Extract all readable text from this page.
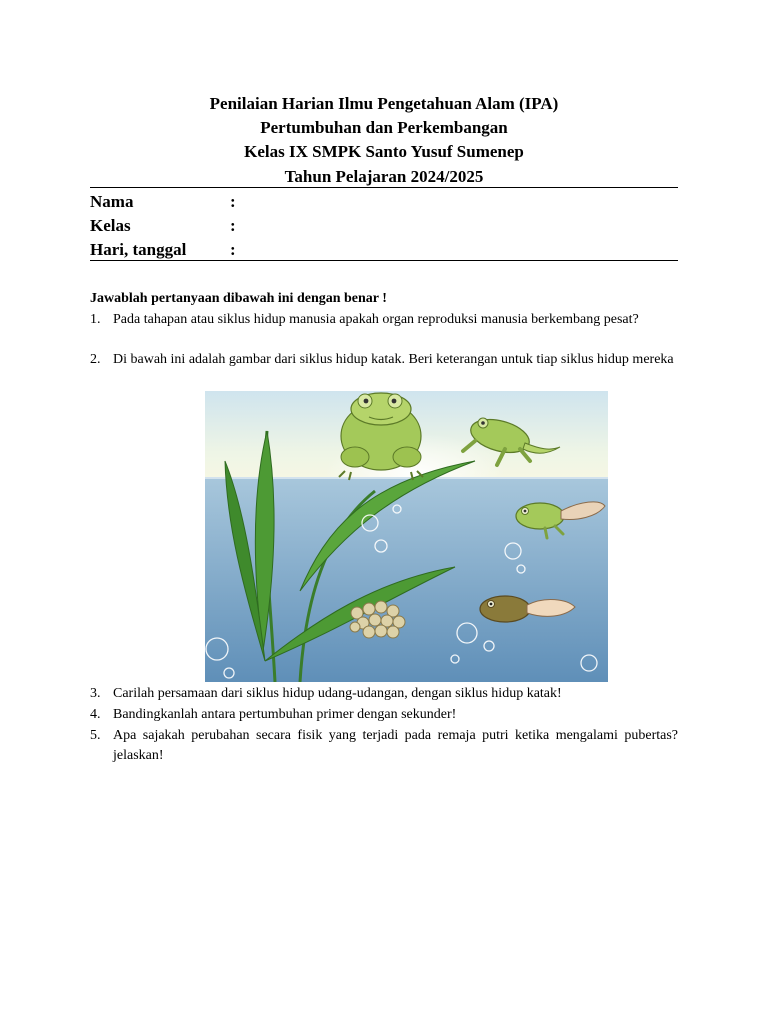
Penilaian Harian Ilmu Pengetahuan Alam (IPA)
Pertumbuhan dan Perkembangan
Kelas IX SMPK Santo Yusuf Sumenep
Tahun Pelajaran 2024/2025
Nama	:
Kelas	:
Hari, tanggal	:
Jawablah pertanyaan dibawah ini dengan benar !
1. Pada tahapan atau siklus hidup manusia apakah organ reproduksi manusia berkembang pesat?
2. Di bawah ini adalah gambar dari siklus hidup katak. Beri keterangan untuk tiap siklus hidup mereka
3. Carilah persamaan dari siklus hidup udang-udangan, dengan siklus hidup katak!
4. Bandingkanlah antara pertumbuhan primer dengan sekunder!
5. Apa sajakah perubahan secara fisik yang terjadi pada remaja putri ketika mengalami pubertas? jelaskan!
